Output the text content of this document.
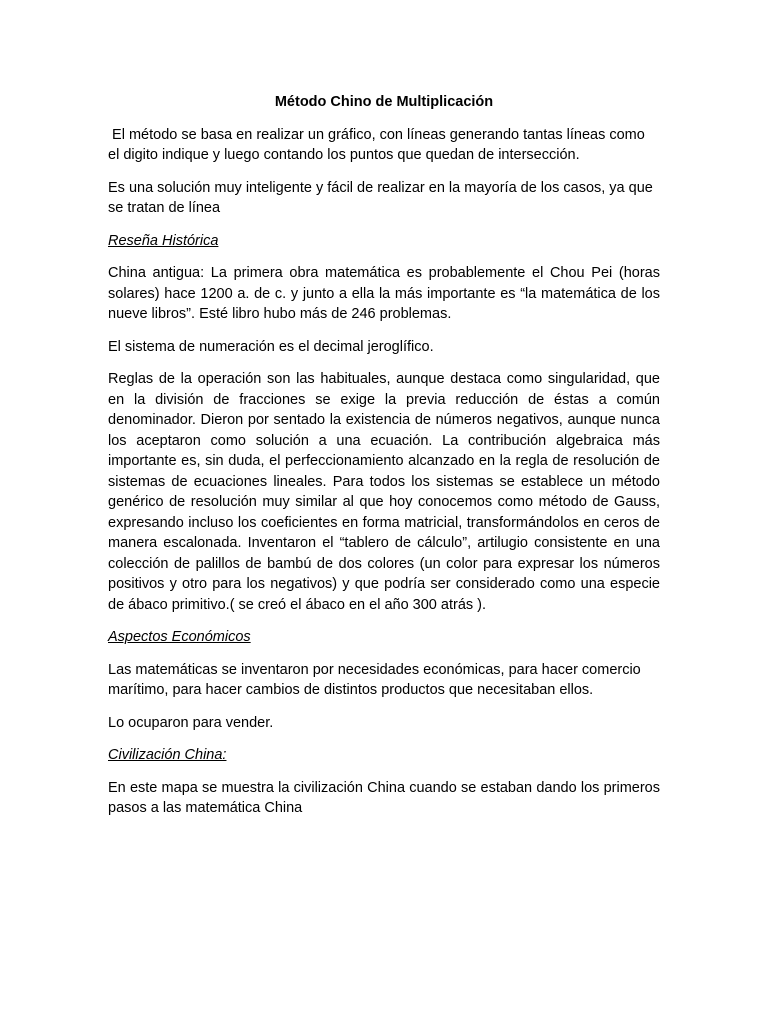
Método Chino de Multiplicación

El método se basa en realizar un gráfico, con líneas generando tantas líneas como el digito indique y luego contando los puntos que quedan de intersección.

Es una solución muy inteligente y fácil de realizar en la mayoría de los casos, ya que se tratan de línea

Reseña Histórica

China antigua: La primera obra matemática es probablemente el Chou Pei (horas solares) hace 1200 a. de c. y junto a ella la más importante es “la matemática de los nueve libros”. Esté libro hubo más de 246 problemas.

El sistema de numeración es el decimal jeroglífico.

Reglas de la operación son las habituales, aunque destaca como singularidad, que en la división de fracciones se exige la previa reducción de éstas a común denominador. Dieron por sentado la existencia de números negativos, aunque nunca los aceptaron como solución a una ecuación. La contribución algebraica más importante es, sin duda, el perfeccionamiento alcanzado en la regla de resolución de sistemas de ecuaciones lineales. Para todos los sistemas se establece un método genérico de resolución muy similar al que hoy conocemos como método de Gauss, expresando incluso los coeficientes en forma matricial, transformándolos en ceros de manera escalonada. Inventaron el “tablero de cálculo”, artilugio consistente en una colección de palillos de bambú de dos colores (un color para expresar los números positivos y otro para los negativos) y que podría ser considerado como una especie de ábaco primitivo.( se creó el ábaco en el año 300 atrás ).

Aspectos Económicos

Las matemáticas se inventaron por necesidades económicas, para hacer comercio marítimo, para hacer cambios de distintos productos que necesitaban ellos.

Lo ocuparon para vender.

Civilización China:

En este mapa se muestra la civilización China cuando se estaban dando los primeros pasos a las matemática China
